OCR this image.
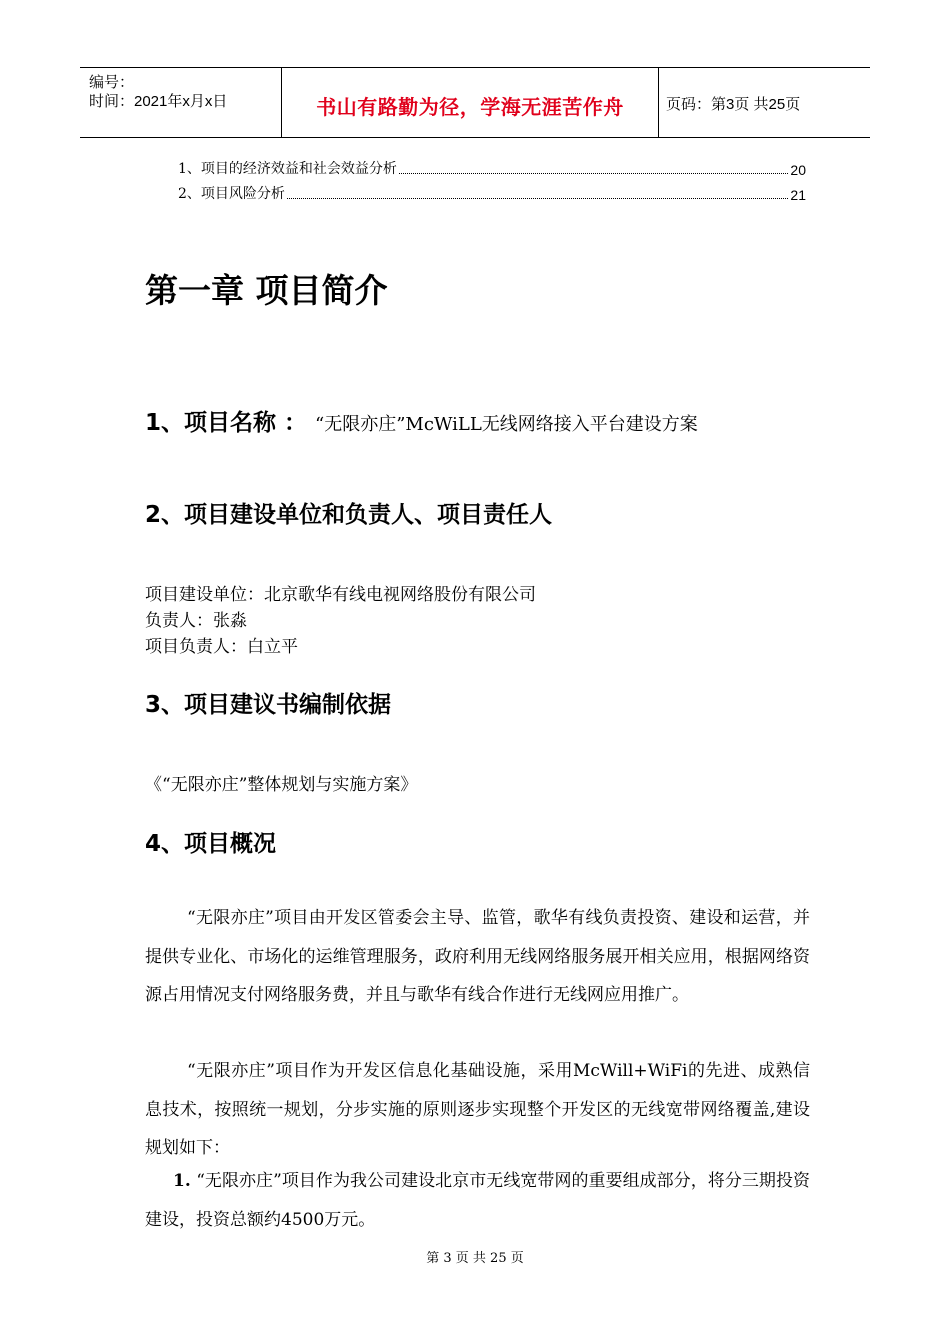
编号：
时间：2021年x月x日	书山有路勤为径，学海无涯苦作舟	页码：第3页 共25页
1、项目的经济效益和社会效益分析	20
2、项目风险分析	21
第一章 项目简介
1、项目名称 ： “无限亦庄”McWiLL无线网络接入平台建设方案
2、项目建设单位和负责人、项目责任人
项目建设单位：北京歌华有线电视网络股份有限公司
负责人：张淼
项目负责人：白立平
3、项目建议书编制依据
《“无限亦庄”整体规划与实施方案》
4、项目概况
“无限亦庄”项目由开发区管委会主导、监管，歌华有线负责投资、建设和运营，并提供专业化、市场化的运维管理服务，政府利用无线网络服务展开相关应用，根据网络资源占用情况支付网络服务费，并且与歌华有线合作进行无线网应用推广。
“无限亦庄”项目作为开发区信息化基础设施，采用McWill+WiFi的先进、成熟信息技术，按照统一规划，分步实施的原则逐步实现整个开发区的无线宽带网络覆盖,建设规划如下：
1. “无限亦庄”项目作为我公司建设北京市无线宽带网的重要组成部分，将分三期投资建设，投资总额约4500万元。
第 3 页 共 25 页
